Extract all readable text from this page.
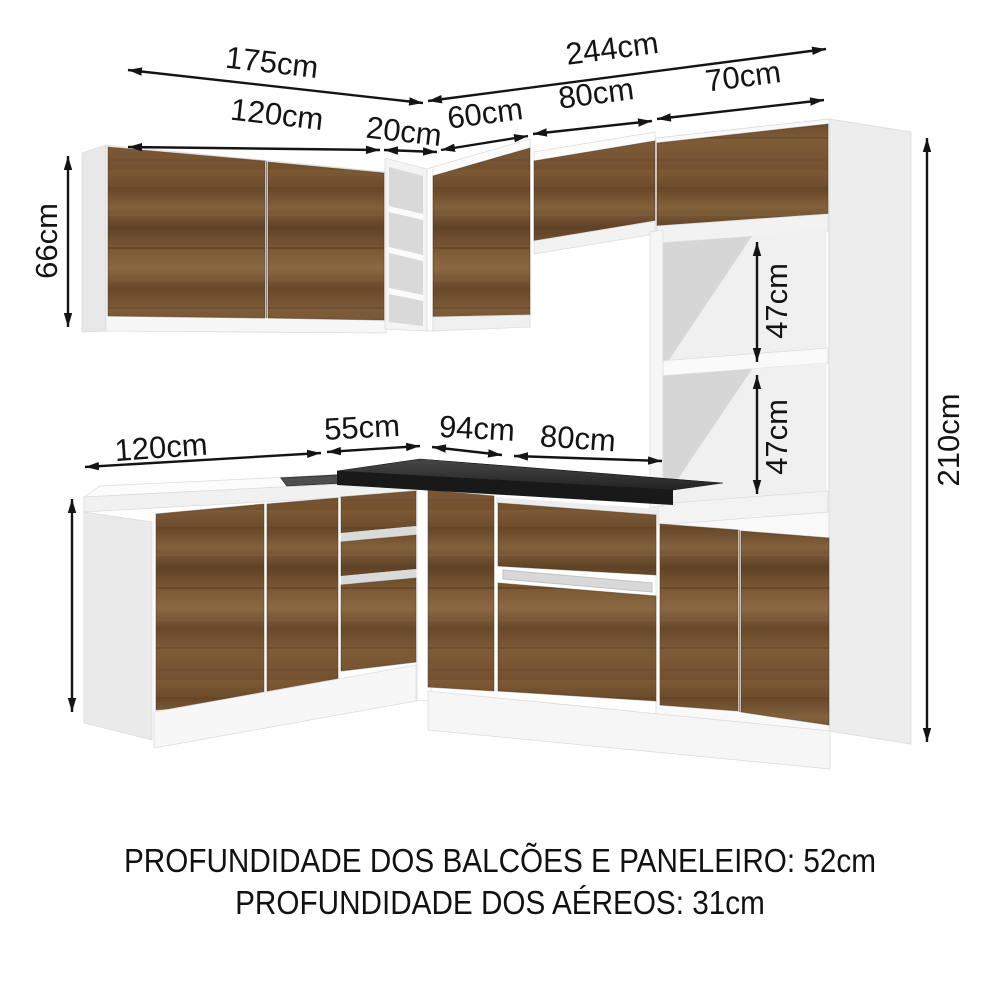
175cm	244cm
120cm 20cm 60cm 80cm 70cm
66cm
210cm
47cm
47cm
120cm	55cm 94cm 80cm
PROFUNDIDADE DOS BALCÕES E PANELEIRO: 52cm
PROFUNDIDADE DOS AÉREOS: 31cm
